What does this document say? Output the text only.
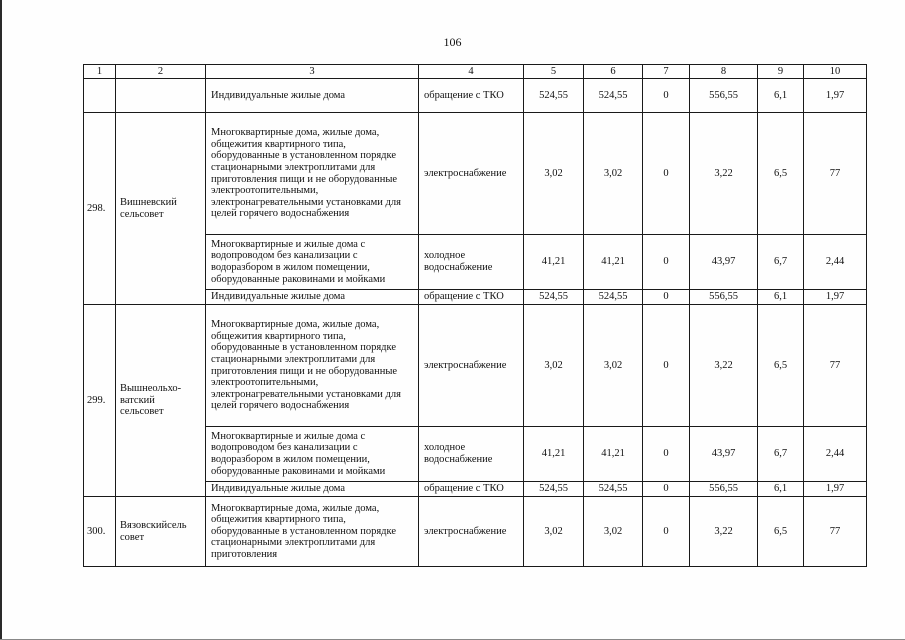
106
1	2	3	4	5	6	7	8	9	10
		Индивидуальные жилые дома	обращение с ТКО	524,55	524,55	0	556,55	6,1	1,97
298.	Вишневский сельсовет	Многоквартирные дома, жилые дома, общежития квартирного типа, оборудованные в установленном порядке стационарными электроплитами для приготовления пищи и не оборудованные электроотопительными, электронагревательными установками для целей горячего водоснабжения	электроснабжение	3,02	3,02	0	3,22	6,5	77
		Многоквартирные и жилые дома с водопроводом без канализации с водоразбором в жилом помещении, оборудованные раковинами и мойками	холодное водоснабжение	41,21	41,21	0	43,97	6,7	2,44
		Индивидуальные жилые дома	обращение с ТКО	524,55	524,55	0	556,55	6,1	1,97
299.	Вышнеольхо-ватский сельсовет	Многоквартирные дома, жилые дома, общежития квартирного типа, оборудованные в установленном порядке стационарными электроплитами для приготовления пищи и не оборудованные электроотопительными, электронагревательными установками для целей горячего водоснабжения	электроснабжение	3,02	3,02	0	3,22	6,5	77
		Многоквартирные и жилые дома с водопроводом без канализации с водоразбором в жилом помещении, оборудованные раковинами и мойками	холодное водоснабжение	41,21	41,21	0	43,97	6,7	2,44
		Индивидуальные жилые дома	обращение с ТКО	524,55	524,55	0	556,55	6,1	1,97
300.	Вязовскийсель совет	Многоквартирные дома, жилые дома, общежития квартирного типа, оборудованные в установленном порядке стационарными электроплитами для приготовления	электроснабжение	3,02	3,02	0	3,22	6,5	77
